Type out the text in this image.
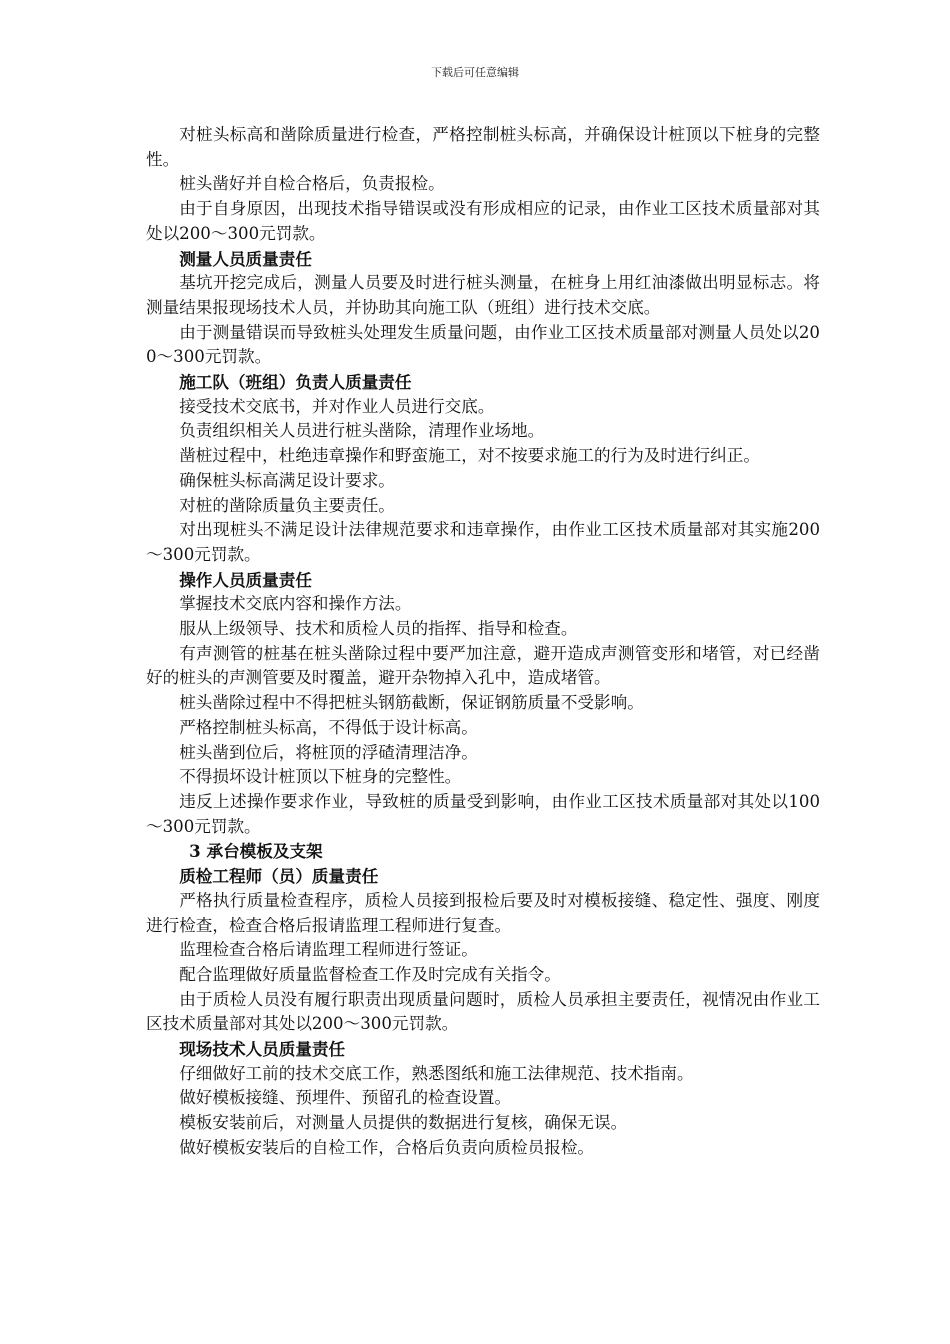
下载后可任意编辑

对桩头标高和凿除质量进行检查，严格控制桩头标高，并确保设计桩顶以下桩身的完整性。

桩头凿好并自检合格后，负责报检。

由于自身原因，出现技术指导错误或没有形成相应的记录，由作业工区技术质量部对其处以200～300元罚款。

测量人员质量责任

基坑开挖完成后，测量人员要及时进行桩头测量，在桩身上用红油漆做出明显标志。将测量结果报现场技术人员，并协助其向施工队（班组）进行技术交底。

由于测量错误而导致桩头处理发生质量问题，由作业工区技术质量部对测量人员处以200～300元罚款。

施工队（班组）负责人质量责任

接受技术交底书，并对作业人员进行交底。

负责组织相关人员进行桩头凿除，清理作业场地。

凿桩过程中，杜绝违章操作和野蛮施工，对不按要求施工的行为及时进行纠正。

确保桩头标高满足设计要求。

对桩的凿除质量负主要责任。

对出现桩头不满足设计法律规范要求和违章操作，由作业工区技术质量部对其实施200～300元罚款。

操作人员质量责任

掌握技术交底内容和操作方法。

服从上级领导、技术和质检人员的指挥、指导和检查。

有声测管的桩基在桩头凿除过程中要严加注意，避开造成声测管变形和堵管，对已经凿好的桩头的声测管要及时覆盖，避开杂物掉入孔中，造成堵管。

桩头凿除过程中不得把桩头钢筋截断，保证钢筋质量不受影响。

严格控制桩头标高，不得低于设计标高。

桩头凿到位后，将桩顶的浮碴清理洁净。

不得损坏设计桩顶以下桩身的完整性。

违反上述操作要求作业，导致桩的质量受到影响，由作业工区技术质量部对其处以100～300元罚款。

3 承台模板及支架

质检工程师（员）质量责任

严格执行质量检查程序，质检人员接到报检后要及时对模板接缝、稳定性、强度、刚度进行检查，检查合格后报请监理工程师进行复查。

监理检查合格后请监理工程师进行签证。

配合监理做好质量监督检查工作及时完成有关指令。

由于质检人员没有履行职责出现质量问题时，质检人员承担主要责任，视情况由作业工区技术质量部对其处以200～300元罚款。

现场技术人员质量责任

仔细做好工前的技术交底工作，熟悉图纸和施工法律规范、技术指南。

做好模板接缝、预埋件、预留孔的检查设置。

模板安装前后，对测量人员提供的数据进行复核，确保无误。

做好模板安装后的自检工作，合格后负责向质检员报检。
